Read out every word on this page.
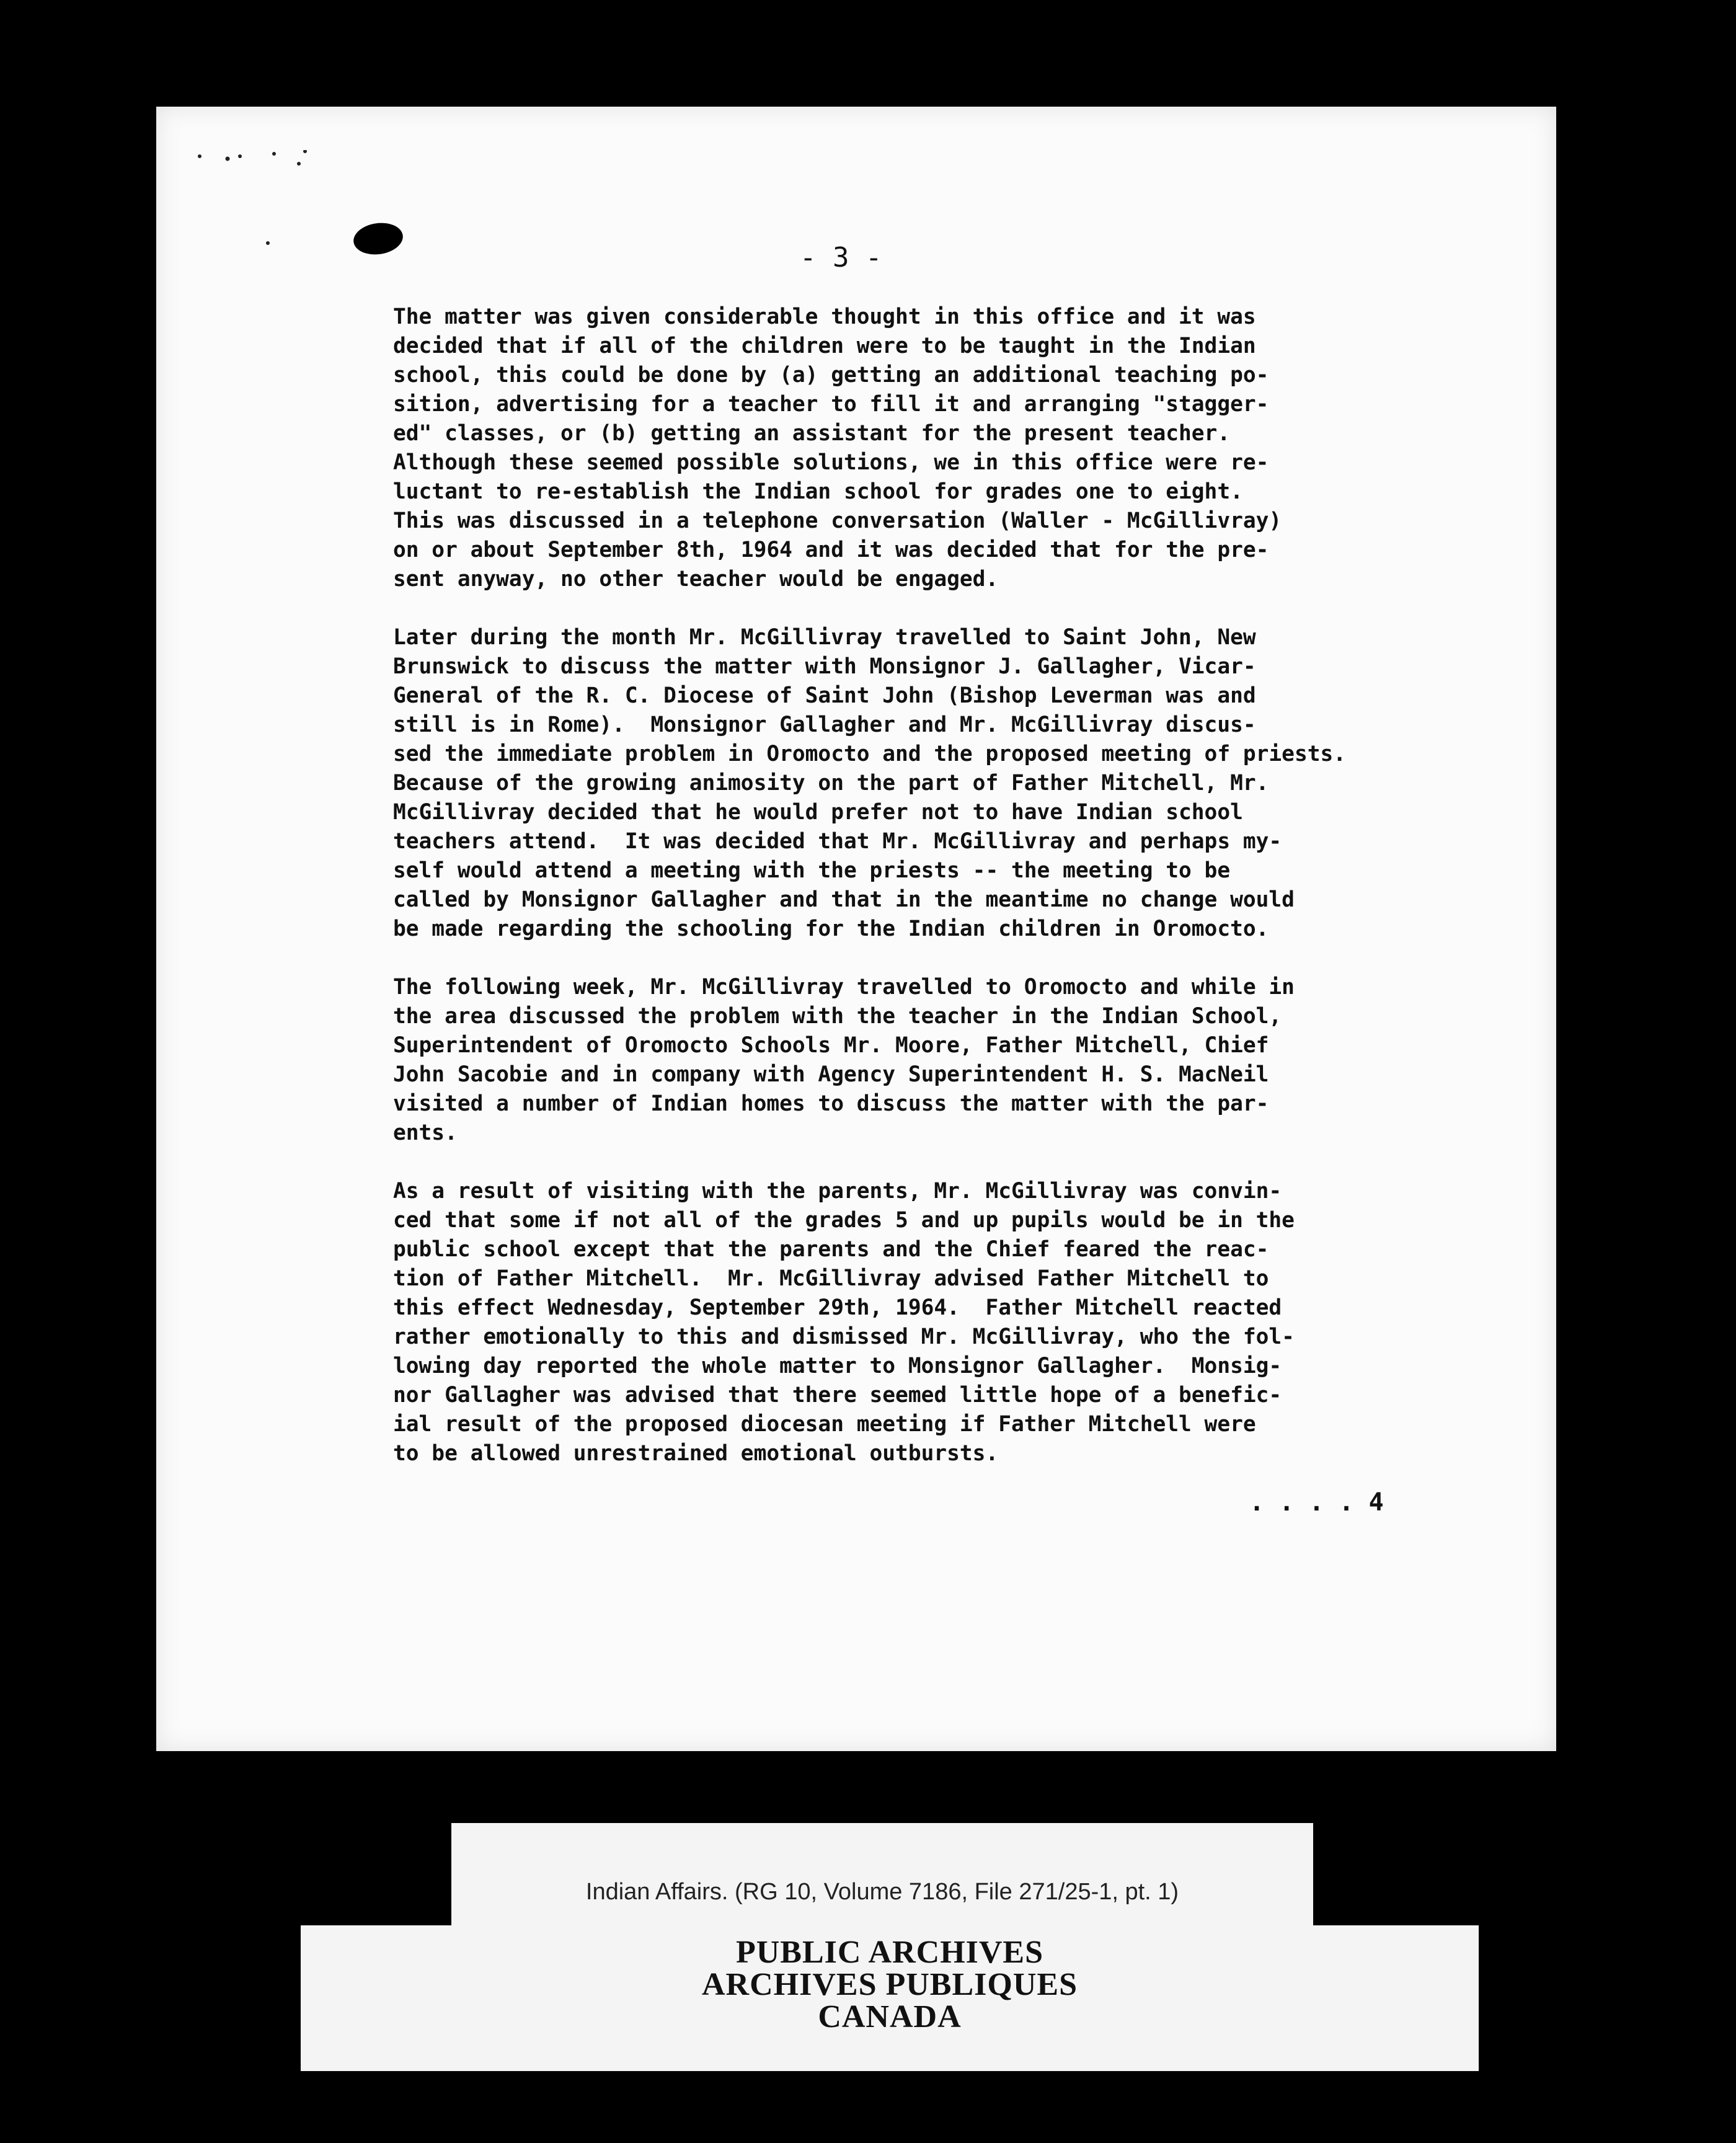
- 3 -
The matter was given considerable thought in this office and it was
decided that if all of the children were to be taught in the Indian
school, this could be done by (a) getting an additional teaching po-
sition, advertising for a teacher to fill it and arranging "stagger-
ed" classes, or (b) getting an assistant for the present teacher.
Although these seemed possible solutions, we in this office were re-
luctant to re-establish the Indian school for grades one to eight.
This was discussed in a telephone conversation (Waller - McGillivray)
on or about September 8th, 1964 and it was decided that for the pre-
sent anyway, no other teacher would be engaged.
Later during the month Mr. McGillivray travelled to Saint John, New
Brunswick to discuss the matter with Monsignor J. Gallagher, Vicar-
General of the R. C. Diocese of Saint John (Bishop Leverman was and
still is in Rome).  Monsignor Gallagher and Mr. McGillivray discus-
sed the immediate problem in Oromocto and the proposed meeting of priests.
Because of the growing animosity on the part of Father Mitchell, Mr.
McGillivray decided that he would prefer not to have Indian school
teachers attend.  It was decided that Mr. McGillivray and perhaps my-
self would attend a meeting with the priests -- the meeting to be
called by Monsignor Gallagher and that in the meantime no change would
be made regarding the schooling for the Indian children in Oromocto.
The following week, Mr. McGillivray travelled to Oromocto and while in
the area discussed the problem with the teacher in the Indian School,
Superintendent of Oromocto Schools Mr. Moore, Father Mitchell, Chief
John Sacobie and in company with Agency Superintendent H. S. MacNeil
visited a number of Indian homes to discuss the matter with the par-
ents.
As a result of visiting with the parents, Mr. McGillivray was convin-
ced that some if not all of the grades 5 and up pupils would be in the
public school except that the parents and the Chief feared the reac-
tion of Father Mitchell.  Mr. McGillivray advised Father Mitchell to
this effect Wednesday, September 29th, 1964.  Father Mitchell reacted
rather emotionally to this and dismissed Mr. McGillivray, who the fol-
lowing day reported the whole matter to Monsignor Gallagher.  Monsig-
nor Gallagher was advised that there seemed little hope of a benefic-
ial result of the proposed diocesan meeting if Father Mitchell were
to be allowed unrestrained emotional outbursts.
. . . . 4
Indian Affairs. (RG 10, Volume 7186, File 271/25-1, pt. 1)
PUBLIC ARCHIVES
ARCHIVES PUBLIQUES
CANADA
